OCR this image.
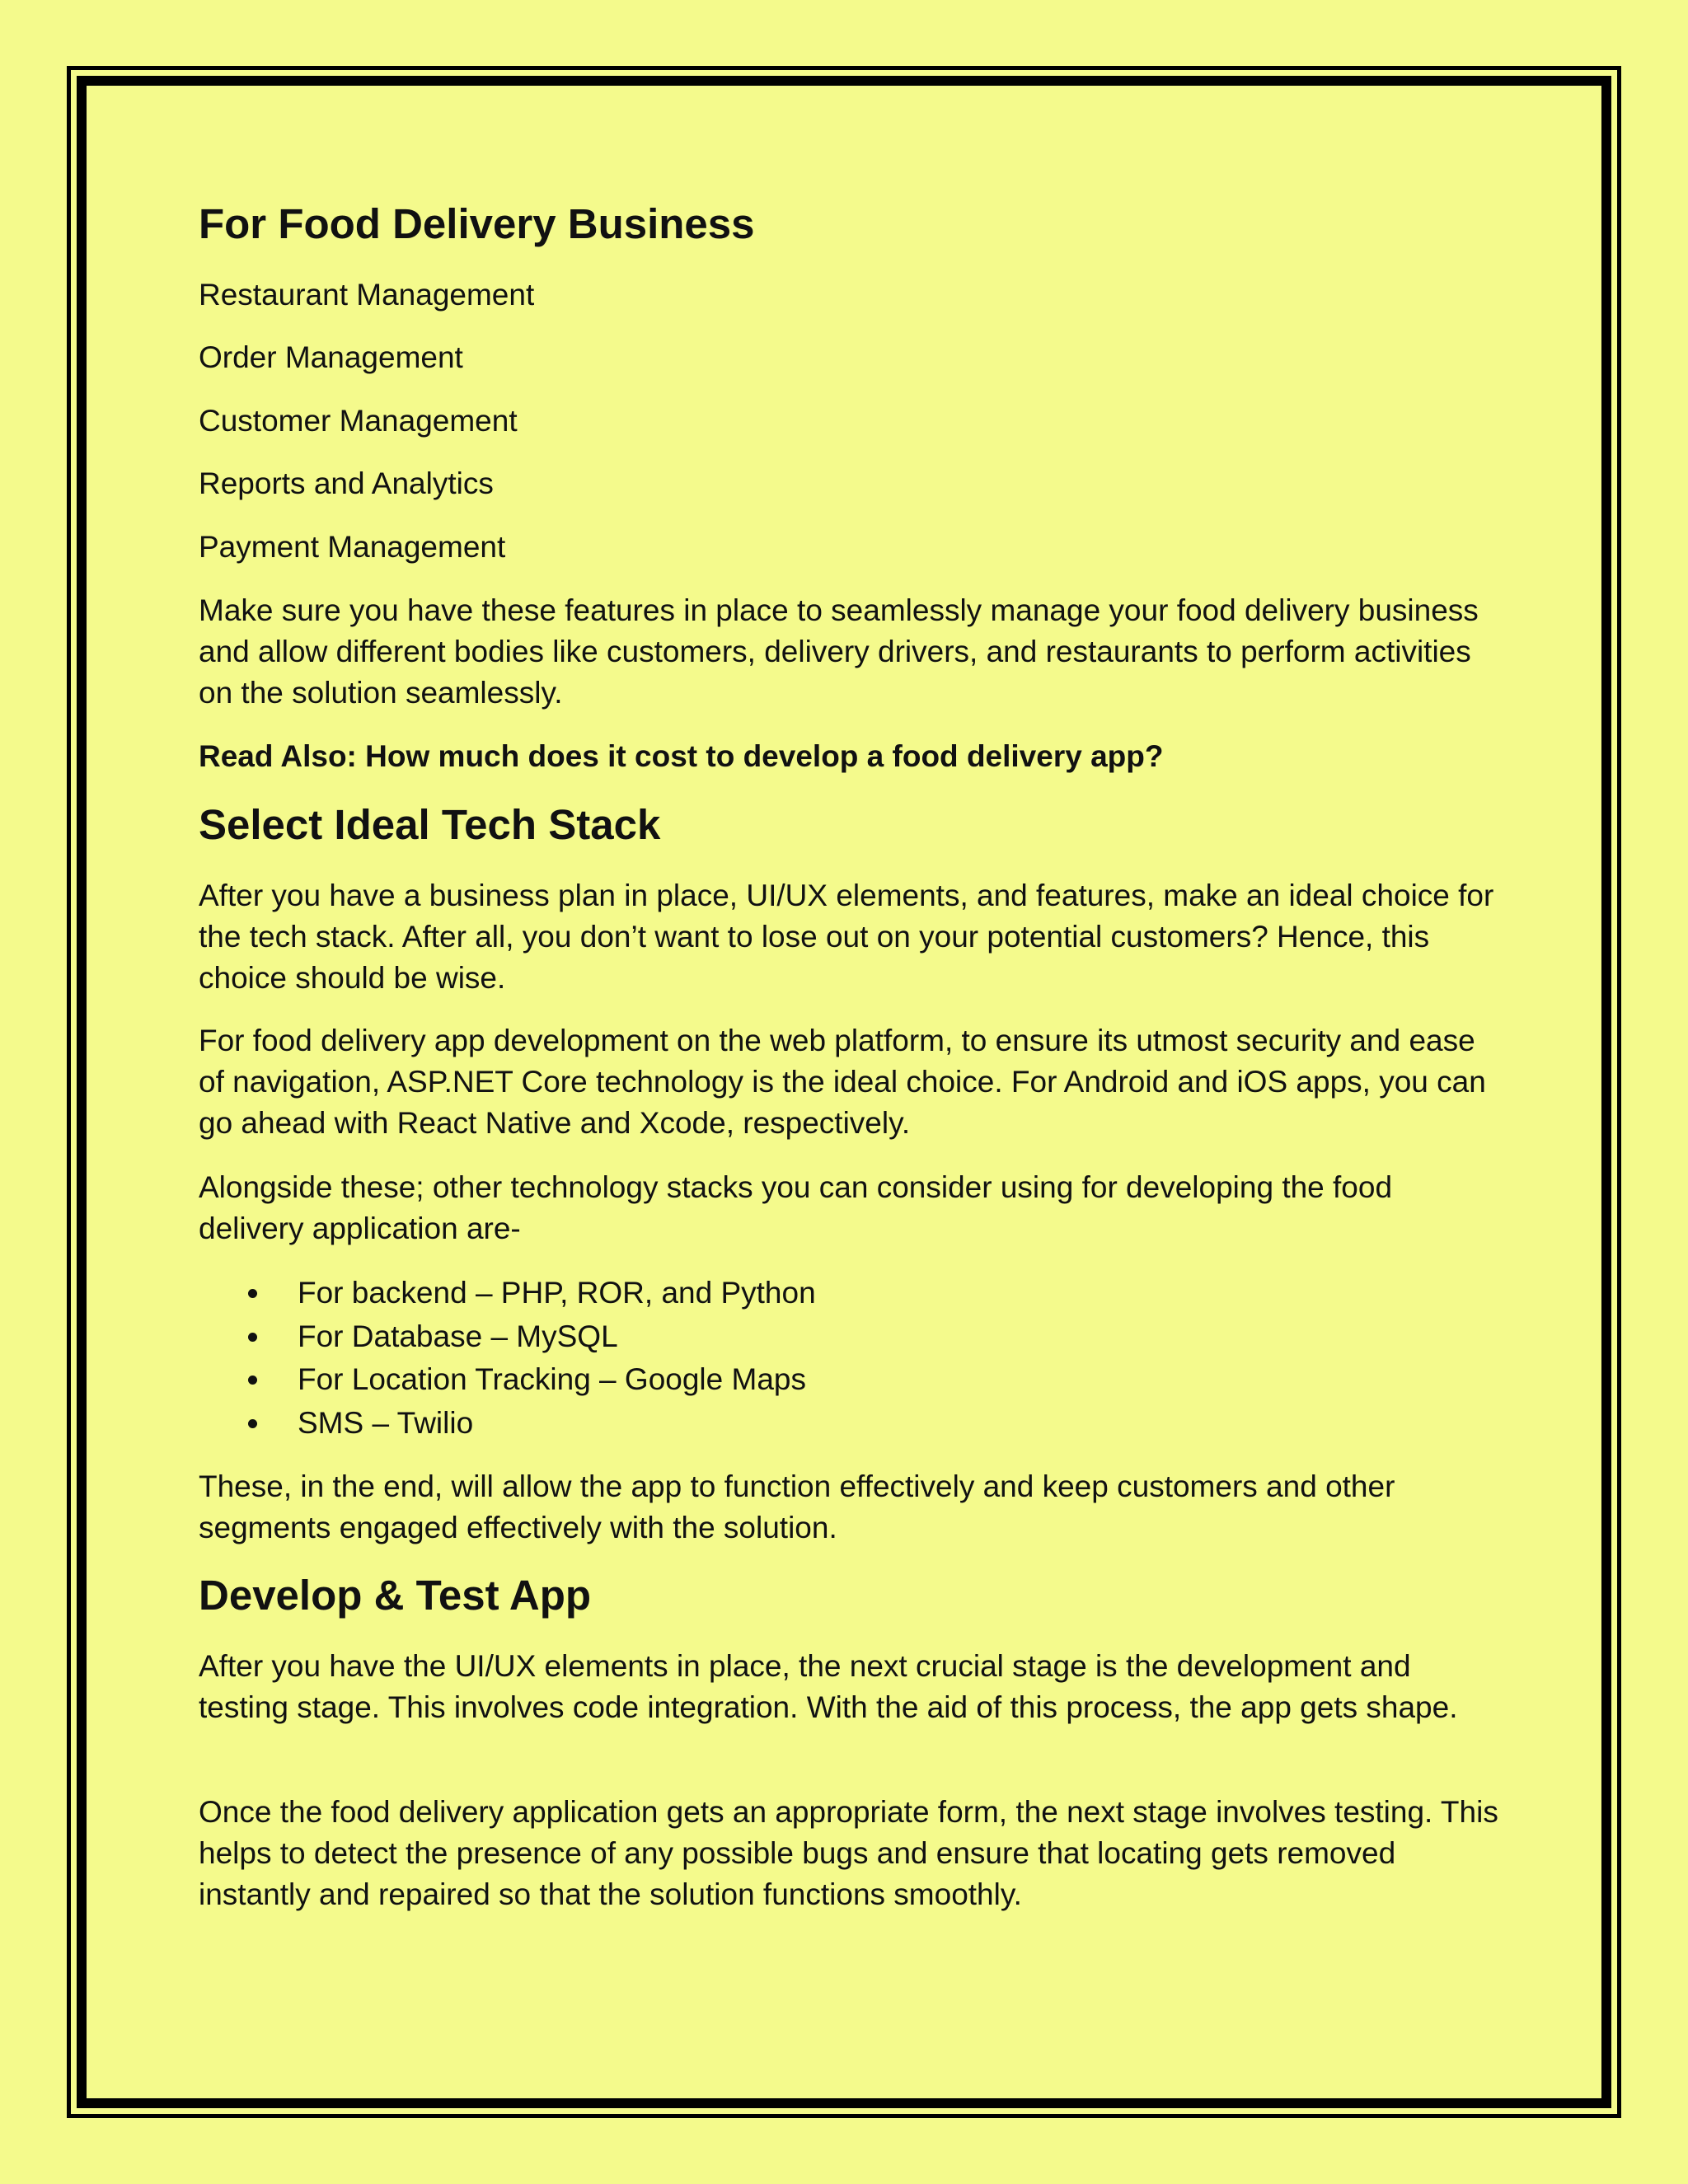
For Food Delivery Business

Restaurant Management

Order Management

Customer Management

Reports and Analytics

Payment Management

Make sure you have these features in place to seamlessly manage your food delivery business and allow different bodies like customers, delivery drivers, and restaurants to perform activities on the solution seamlessly.

Read Also: How much does it cost to develop a food delivery app?

Select Ideal Tech Stack

After you have a business plan in place, UI/UX elements, and features, make an ideal choice for the tech stack. After all, you don’t want to lose out on your potential customers? Hence, this choice should be wise.

For food delivery app development on the web platform, to ensure its utmost security and ease of navigation, ASP.NET Core technology is the ideal choice. For Android and iOS apps, you can go ahead with React Native and Xcode, respectively.

Alongside these; other technology stacks you can consider using for developing the food delivery application are-

For backend – PHP, ROR, and Python
For Database – MySQL
For Location Tracking – Google Maps
SMS – Twilio

These, in the end, will allow the app to function effectively and keep customers and other segments engaged effectively with the solution.

Develop & Test App

After you have the UI/UX elements in place, the next crucial stage is the development and testing stage. This involves code integration. With the aid of this process, the app gets shape.

Once the food delivery application gets an appropriate form, the next stage involves testing. This helps to detect the presence of any possible bugs and ensure that locating gets removed instantly and repaired so that the solution functions smoothly.
